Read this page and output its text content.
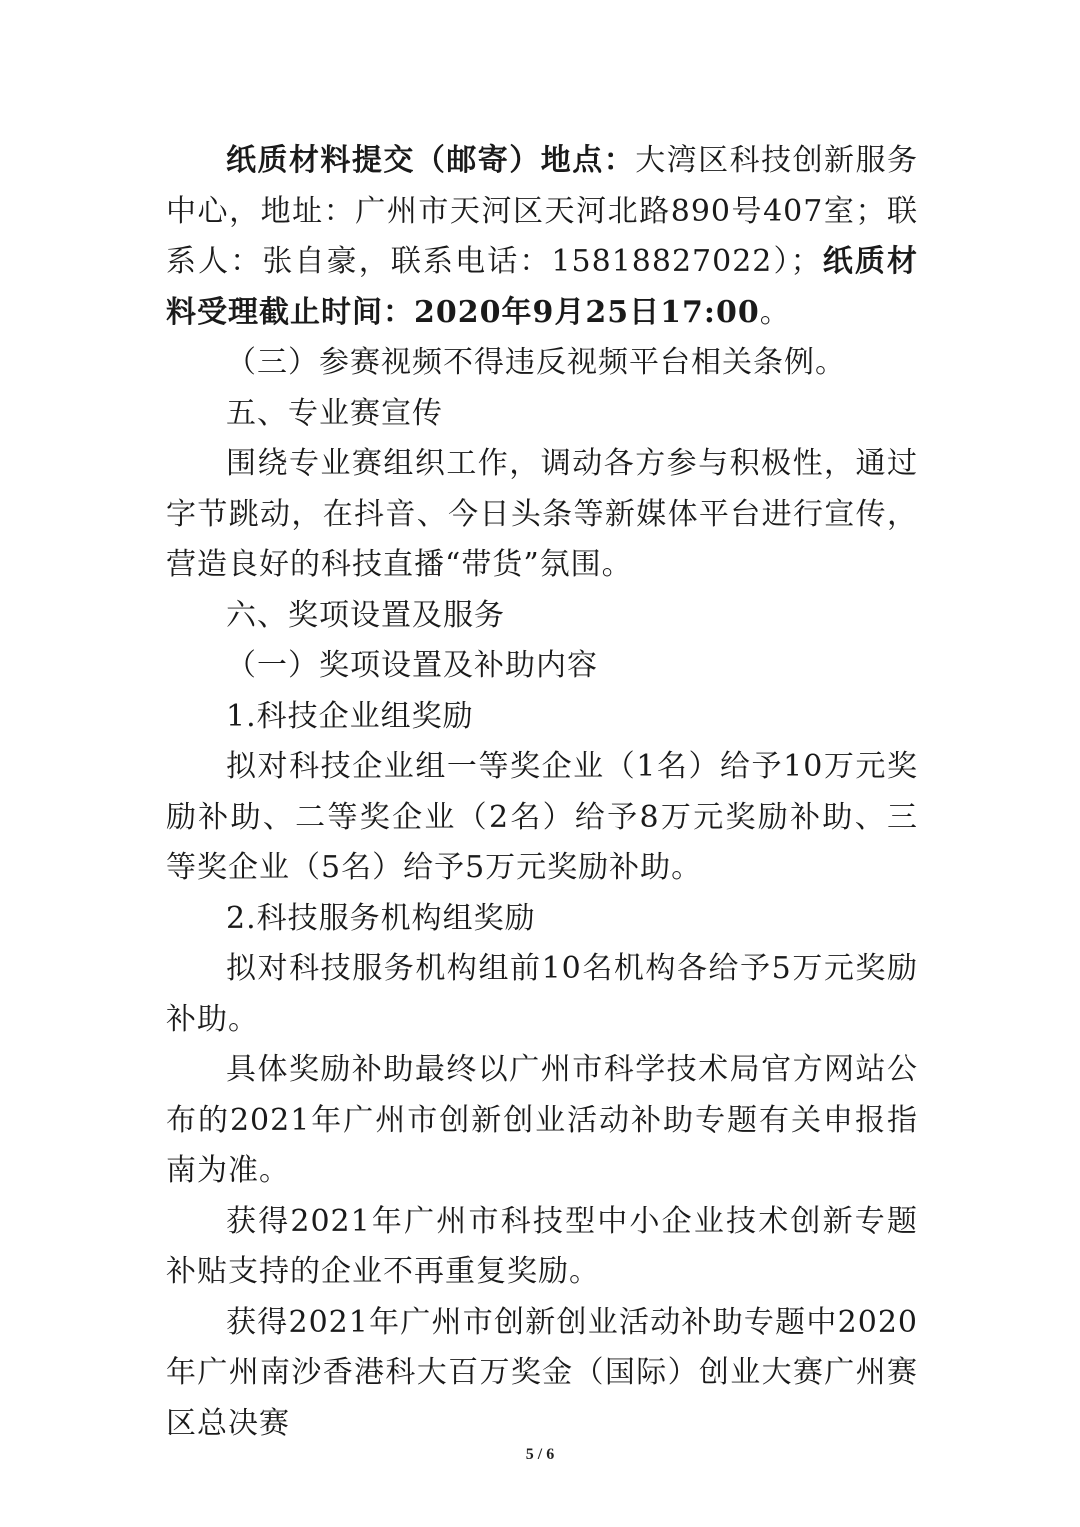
纸质材料提交（邮寄）地点：大湾区科技创新服务中心，地址：广州市天河区天河北路890号407室；联系人：张自豪，联系电话：15818827022）；纸质材料受理截止时间：2020年9月25日17:00。

（三）参赛视频不得违反视频平台相关条例。

五、专业赛宣传

围绕专业赛组织工作，调动各方参与积极性，通过字节跳动，在抖音、今日头条等新媒体平台进行宣传，营造良好的科技直播“带货”氛围。

六、奖项设置及服务

（一）奖项设置及补助内容

1.科技企业组奖励

拟对科技企业组一等奖企业（1名）给予10万元奖励补助、二等奖企业（2名）给予8万元奖励补助、三等奖企业（5名）给予5万元奖励补助。

2.科技服务机构组奖励

拟对科技服务机构组前10名机构各给予5万元奖励补助。

具体奖励补助最终以广州市科学技术局官方网站公布的2021年广州市创新创业活动补助专题有关申报指南为准。

获得2021年广州市科技型中小企业技术创新专题补贴支持的企业不再重复奖励。

获得2021年广州市创新创业活动补助专题中2020年广州南沙香港科大百万奖金（国际）创业大赛广州赛区总决赛

5 / 6
